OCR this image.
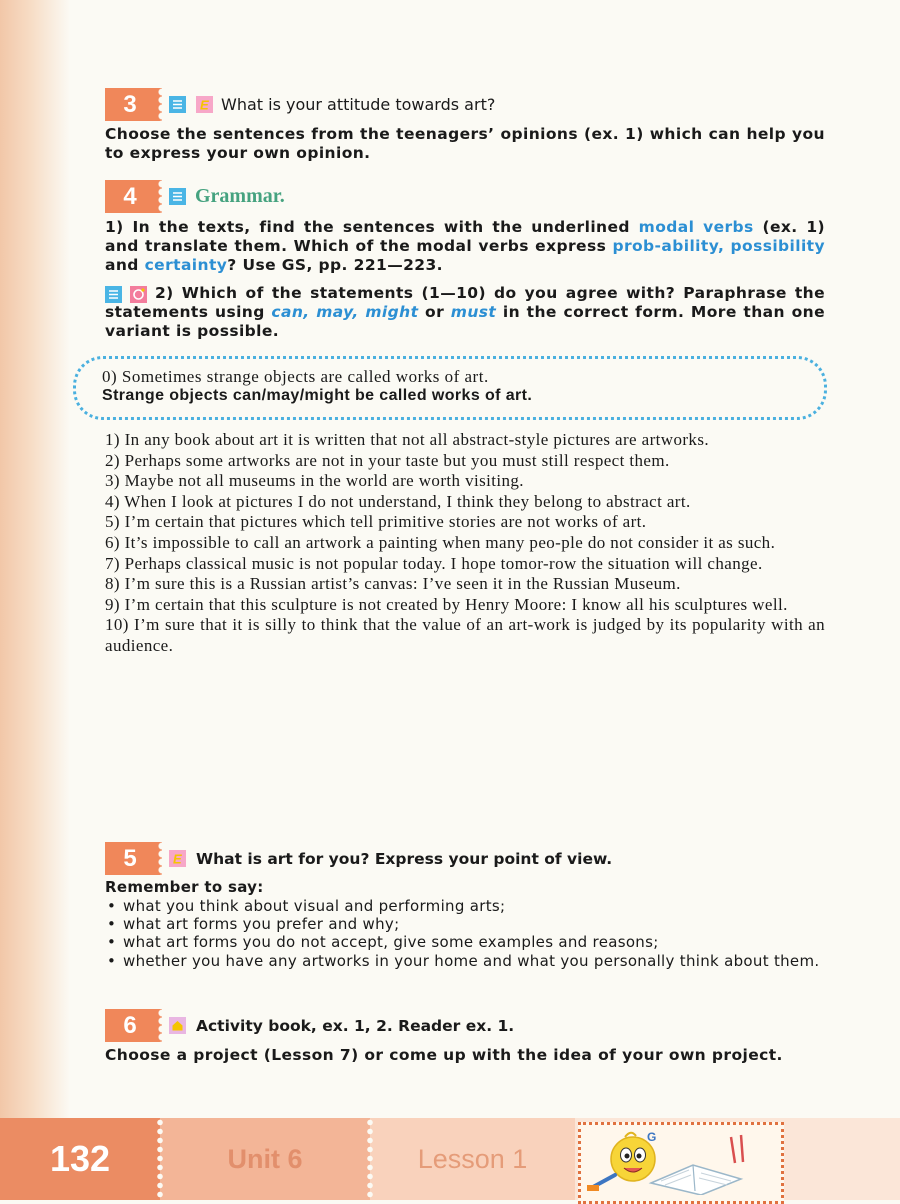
3	E What is your attitude towards art?

Choose the sentences from the teenagers’ opinions (ex. 1) which can help you to express your own opinion.

4	Grammar.

1) In the texts, find the sentences with the underlined modal verbs (ex. 1) and translate them. Which of the modal verbs express prob-ability, possibility and certainty? Use GS, pp. 221—223.

2) Which of the statements (1—10) do you agree with? Paraphrase the statements using can, may, might or must in the correct form. More than one variant is possible.

0) Sometimes strange objects are called works of art.
Strange objects can/may/might be called works of art.
1) In any book about art it is written that not all abstract-style pictures are artworks.
2) Perhaps some artworks are not in your taste but you must still respect them.
3) Maybe not all museums in the world are worth visiting.
4) When I look at pictures I do not understand, I think they belong to abstract art.
5) I’m certain that pictures which tell primitive stories are not works of art.
6) It’s impossible to call an artwork a painting when many peo-ple do not consider it as such.
7) Perhaps classical music is not popular today. I hope tomor-row the situation will change.
8) I’m sure this is a Russian artist’s canvas: I’ve seen it in the Russian Museum.
9) I’m certain that this sculpture is not created by Henry Moore: I know all his sculptures well.
10) I’m sure that it is silly to think that the value of an art-work is judged by its popularity with an audience.
5	E What is art for you? Express your point of view.
Remember to say:
• what you think about visual and performing arts;
• what art forms you prefer and why;
• what art forms you do not accept, give some examples and reasons;
• whether you have any artworks in your home and what you personally think about them.
6	Activity book, ex. 1, 2. Reader ex. 1.

Choose a project (Lesson 7) or come up with the idea of your own project.

132	Unit 6	Lesson 1
G
